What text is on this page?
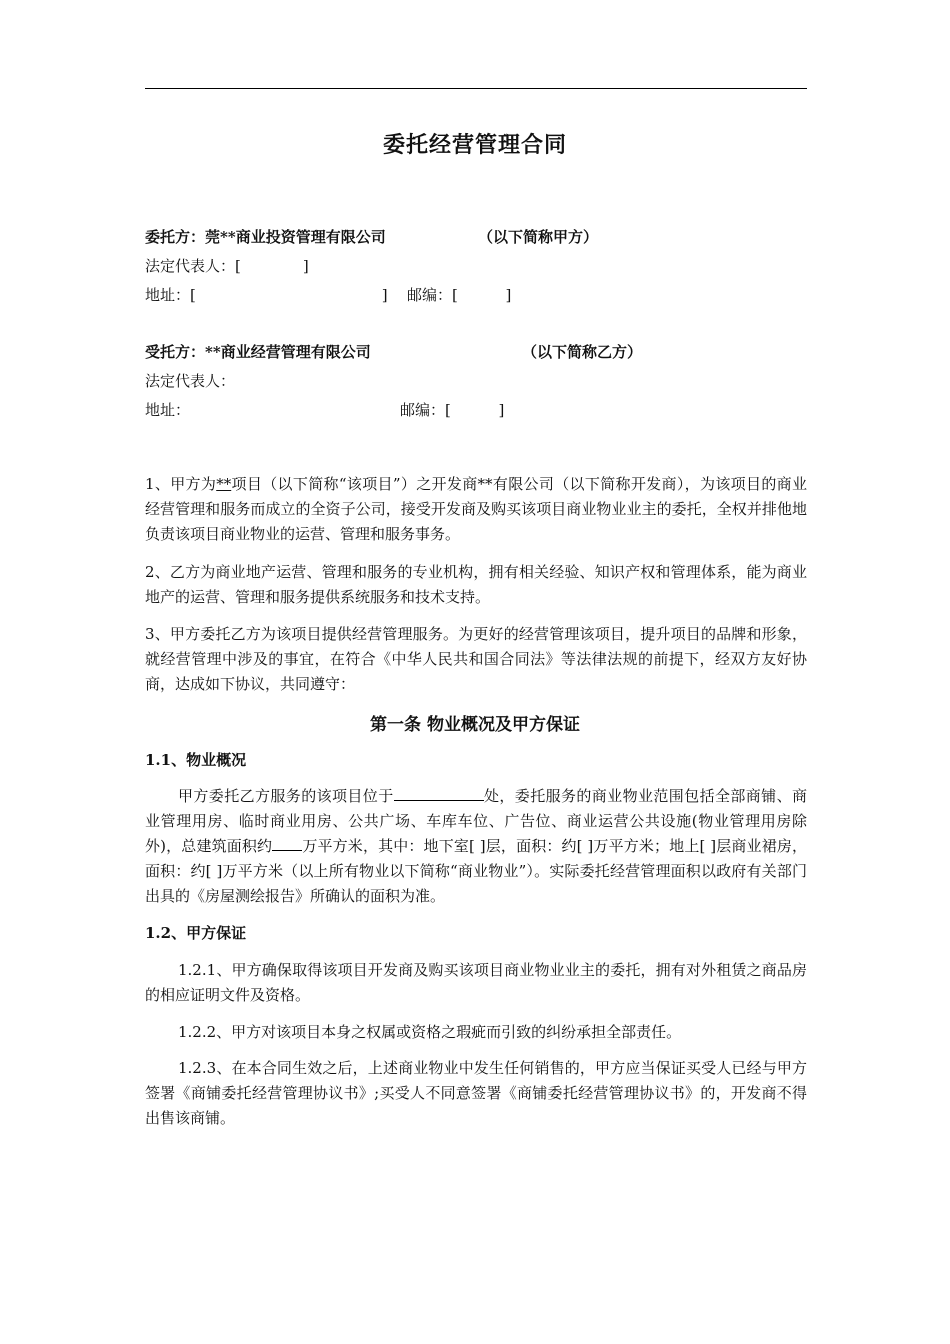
委托经营管理合同
委托方：莞**商业投资管理有限公司	（以下简称甲方）
法定代表人：[             ]
地址：[                                       ] 邮编：[          ]
受托方：**商业经营管理有限公司	（以下简称乙方）
法定代表人：
地址：	邮编：[          ]
1、甲方为**项目（以下简称“该项目”）之开发商**有限公司（以下简称开发商），为该项目的商业经营管理和服务而成立的全资子公司，接受开发商及购买该项目商业物业业主的委托，全权并排他地负责该项目商业物业的运营、管理和服务事务。
2、乙方为商业地产运营、管理和服务的专业机构，拥有相关经验、知识产权和管理体系，能为商业地产的运营、管理和服务提供系统服务和技术支持。
3、甲方委托乙方为该项目提供经营管理服务。为更好的经营管理该项目，提升项目的品牌和形象，就经营管理中涉及的事宜，在符合《中华人民共和国合同法》等法律法规的前提下，经双方友好协商，达成如下协议，共同遵守：
第一条 物业概况及甲方保证
1.1、物业概况
甲方委托乙方服务的该项目位于	处，委托服务的商业物业范围包括全部商铺、商业管理用房、临时商业用房、公共广场、车库车位、广告位、商业运营公共设施(物业管理用房除外)，总建筑面积约 万平方米，其中：地下室[ ]层，面积：约[ ]万平方米；地上[ ]层商业裙房，面积：约[ ]万平方米（以上所有物业以下简称“商业物业”）。实际委托经营管理面积以政府有关部门出具的《房屋测绘报告》所确认的面积为准。
1.2、甲方保证
1.2.1、甲方确保取得该项目开发商及购买该项目商业物业业主的委托，拥有对外租赁之商品房的相应证明文件及资格。
1.2.2、甲方对该项目本身之权属或资格之瑕疵而引致的纠纷承担全部责任。
1.2.3、在本合同生效之后，上述商业物业中发生任何销售的，甲方应当保证买受人已经与甲方签署《商铺委托经营管理协议书》;买受人不同意签署《商铺委托经营管理协议书》的，开发商不得出售该商铺。
